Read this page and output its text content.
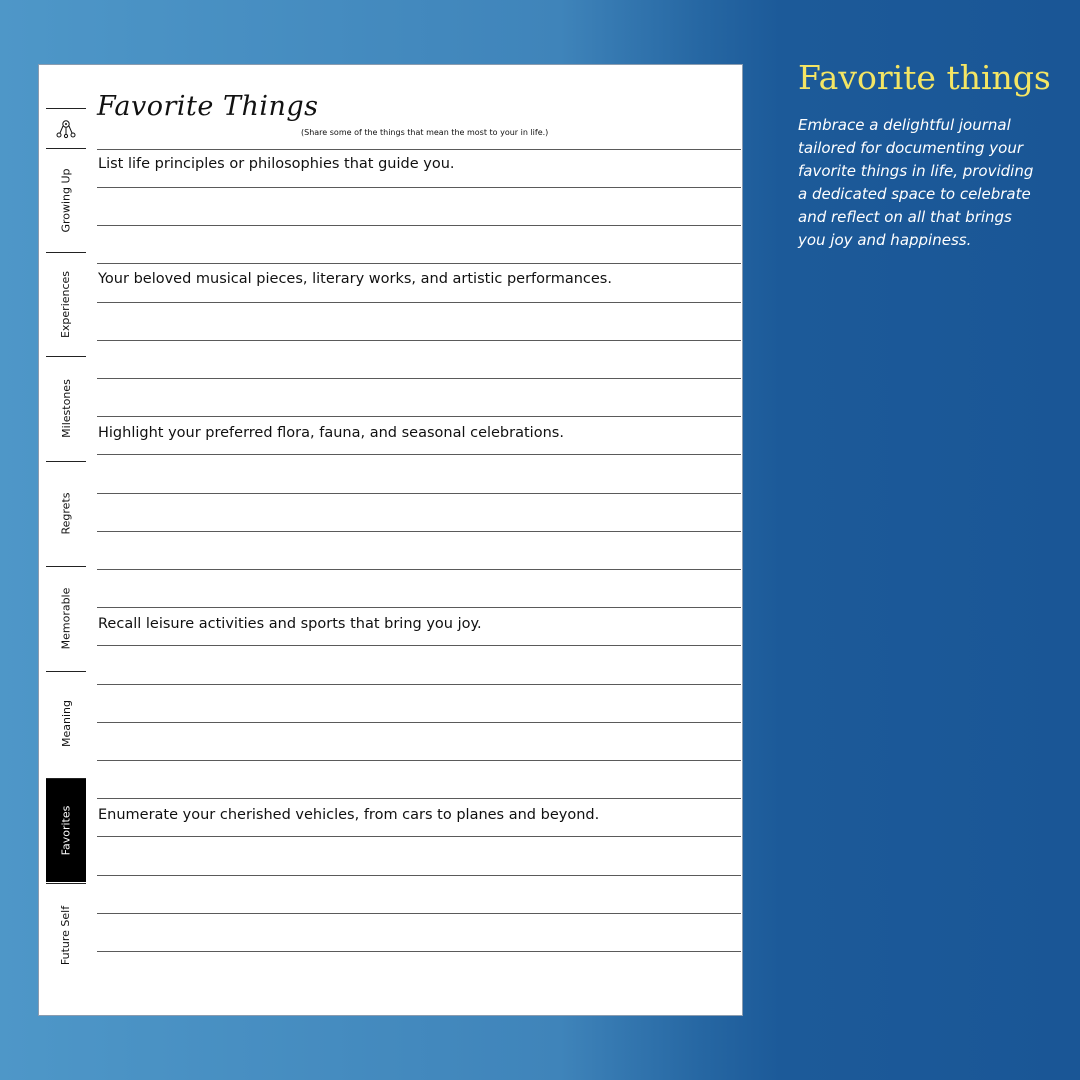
Growing Up
Experiences
Milestones
Regrets
Memorable
Meaning
Favorites
Future Self
Favorite Things
(Share some of the things that mean the most to your in life.)
List life principles or philosophies that guide you.
Your beloved musical pieces, literary works, and artistic performances.
Highlight your preferred flora, fauna, and seasonal celebrations.
Recall leisure activities and sports that bring you joy.
Enumerate your cherished vehicles, from cars to planes and beyond.
Favorite things
Embrace a delightful journal tailored for documenting your favorite things in life, providing a dedicated space to celebrate and reflect on all that brings you joy and happiness.
